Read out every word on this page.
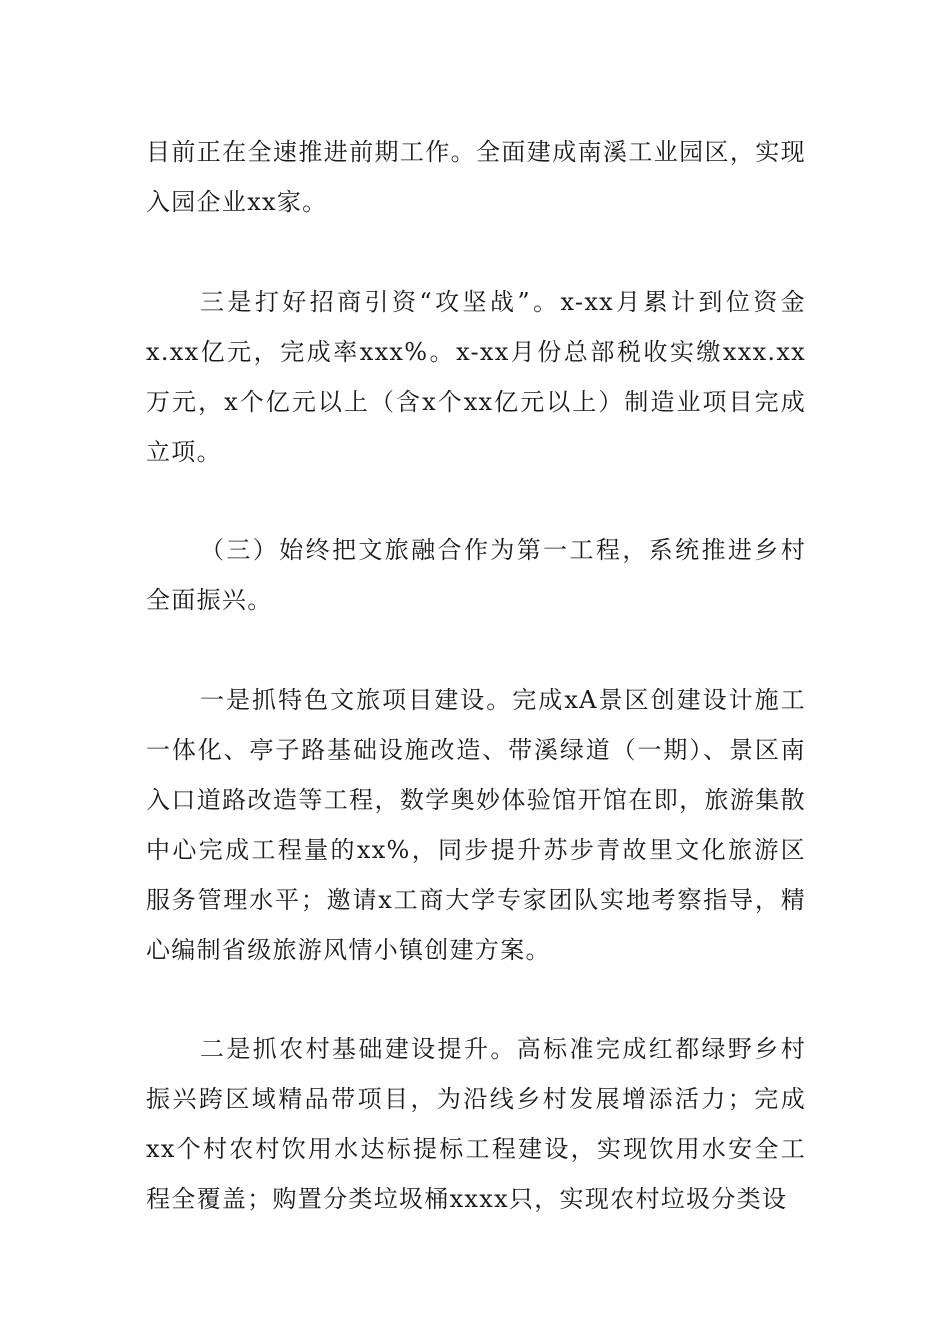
目前正在全速推进前期工作。全面建成南溪工业园区，实现入园企业xx家。

三是打好招商引资“攻坚战”。x-xx月累计到位资金x.xx亿元，完成率xxx%。x-xx月份总部税收实缴xxx.xx万元，x个亿元以上（含x个xx亿元以上）制造业项目完成立项。

（三）始终把文旅融合作为第一工程，系统推进乡村全面振兴。

一是抓特色文旅项目建设。完成xA景区创建设计施工一体化、亭子路基础设施改造、带溪绿道（一期）、景区南入口道路改造等工程，数学奥妙体验馆开馆在即，旅游集散中心完成工程量的xx%，同步提升苏步青故里文化旅游区服务管理水平；邀请x工商大学专家团队实地考察指导，精心编制省级旅游风情小镇创建方案。

二是抓农村基础建设提升。高标准完成红都绿野乡村振兴跨区域精品带项目，为沿线乡村发展增添活力；完成xx个村农村饮用水达标提标工程建设，实现饮用水安全工程全覆盖；购置分类垃圾桶xxxx只，实现农村垃圾分类设
